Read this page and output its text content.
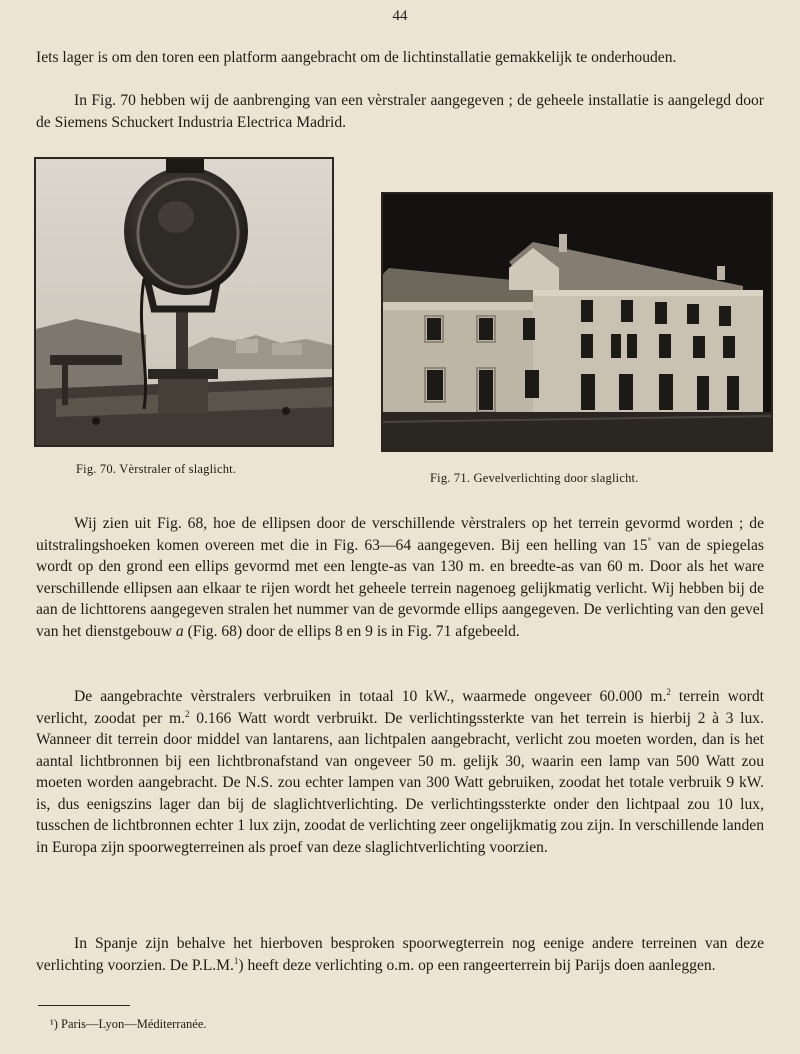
44

Iets lager is om den toren een platform aangebracht om de lichtinstallatie gemakkelijk te onderhouden.

In Fig. 70 hebben wij de aanbrenging van een vèrstraler aangegeven ; de geheele installatie is aangelegd door de Siemens Schuckert Industria Electrica Madrid.

Fig. 70. Vèrstraler of slaglicht.

Fig. 71. Gevelverlichting door slaglicht.

Wij zien uit Fig. 68, hoe de ellipsen door de verschillende vèrstralers op het terrein gevormd worden ; de uitstralingshoeken komen overeen met die in Fig. 63—64 aangegeven. Bij een helling van 15° van de spiegelas wordt op den grond een ellips gevormd met een lengte-as van 130 m. en breedte-as van 60 m. Door als het ware verschillende ellipsen aan elkaar te rijen wordt het geheele terrein nagenoeg gelijkmatig verlicht. Wij hebben bij de aan de lichttorens aangegeven stralen het nummer van de gevormde ellips aangegeven. De verlichting van den gevel van het dienstgebouw a (Fig. 68) door de ellips 8 en 9 is in Fig. 71 afgebeeld.

De aangebrachte vèrstralers verbruiken in totaal 10 kW., waarmede ongeveer 60.000 m.$^2$ terrein wordt verlicht, zoodat per m.$^2$ 0.166 Watt wordt verbruikt. De verlichtingssterkte van het terrein is hierbij 2 à 3 lux. Wanneer dit terrein door middel van lantarens, aan lichtpalen aangebracht, verlicht zou moeten worden, dan is het aantal lichtbronnen bij een lichtbronafstand van ongeveer 50 m. gelijk 30, waarin een lamp van 500 Watt zou moeten worden aangebracht. De N.S. zou echter lampen van 300 Watt gebruiken, zoodat het totale verbruik 9 kW. is, dus eenigszins lager dan bij de slaglichtverlichting. De verlichtingssterkte onder den lichtpaal zou 10 lux, tusschen de lichtbronnen echter 1 lux zijn, zoodat de verlichting zeer ongelijkmatig zou zijn. In verschillende landen in Europa zijn spoorwegterreinen als proef van deze slaglichtverlichting voorzien.

In Spanje zijn behalve het hierboven besproken spoorwegterrein nog eenige andere terreinen van deze verlichting voorzien. De P.L.M.$^1$) heeft deze verlichting o.m. op een rangeerterrein bij Parijs doen aanleggen.

¹) Paris—Lyon—Méditerranée.
